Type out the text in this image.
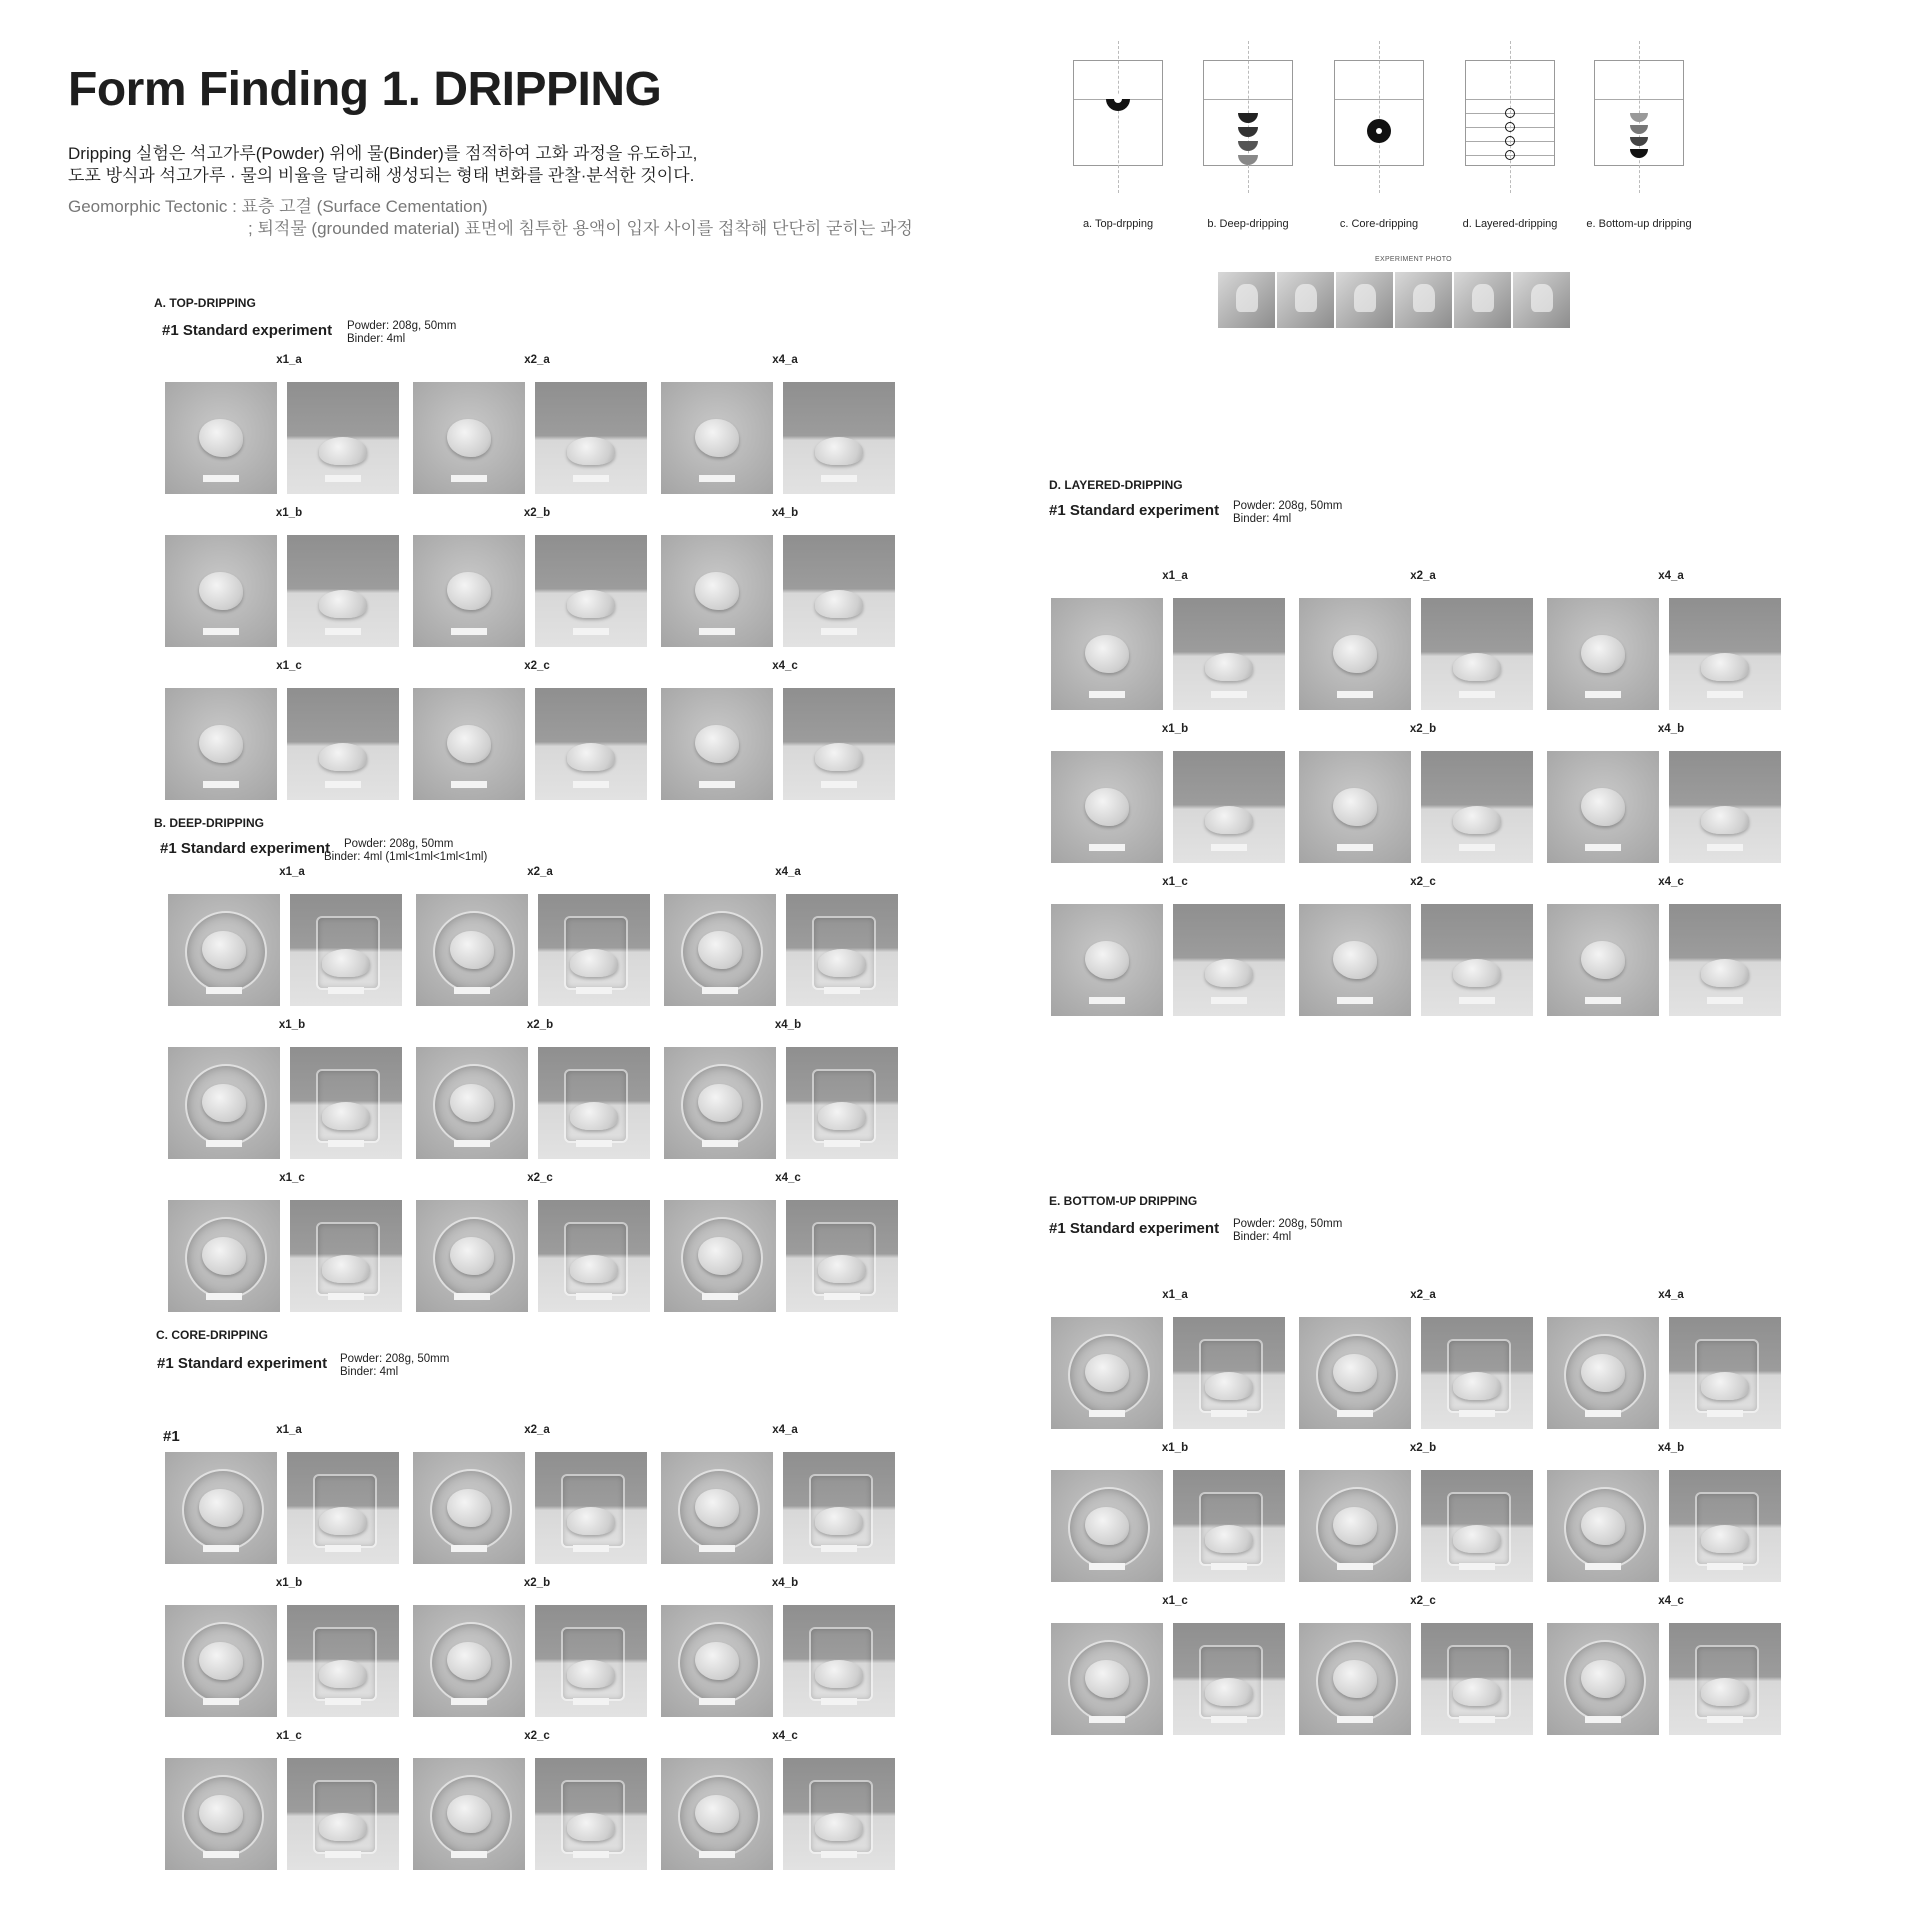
Form Finding 1. DRIPPING
Dripping 실험은 석고가루(Powder) 위에 물(Binder)를 점적하여 고화 과정을 유도하고,
도포 방식과 석고가루 · 물의 비율을 달리해 생성되는 형태 변화를 관찰·분석한 것이다.
Geomorphic Tectonic : 표층 고결 (Surface Cementation)
; 퇴적물 (grounded material) 표면에 침투한 용액이 입자 사이를 접착해 단단히 굳히는 과정	a. Top-drpping	b. Deep-dripping	c. Core-dripping	d. Layered-dripping	e. Bottom-up dripping
EXPERIMENT PHOTO
A. TOP-DRIPPING
#1 Standard experiment Powder: 208g, 50mm
Binder: 4ml
x1_a	x2_a	x4_a
x1_b	x2_b	x4_b
x1_c	x2_c	x4_c
B. DEEP-DRIPPING
#1 Standard experiment Powder: 208g, 50mm
Binder: 4ml (1ml<1ml<1ml<1ml)
x1_a	x2_a	x4_a
x1_b	x2_b	x4_b
x1_c	x2_c	x4_c
C. CORE-DRIPPING
#1 Standard experiment Powder: 208g, 50mm
Binder: 4ml
#1	x1_a	x2_a	x4_a
x1_b	x2_b	x4_b
x1_c	x2_c	x4_c
D. LAYERED-DRIPPING
#1 Standard experiment Powder: 208g, 50mm
Binder: 4ml
x1_a	x2_a	x4_a
x1_b	x2_b	x4_b
x1_c	x2_c	x4_c
E. BOTTOM-UP DRIPPING
#1 Standard experiment Powder: 208g, 50mm
Binder: 4ml
x1_a	x2_a	x4_a
x1_b	x2_b	x4_b
x1_c	x2_c	x4_c
